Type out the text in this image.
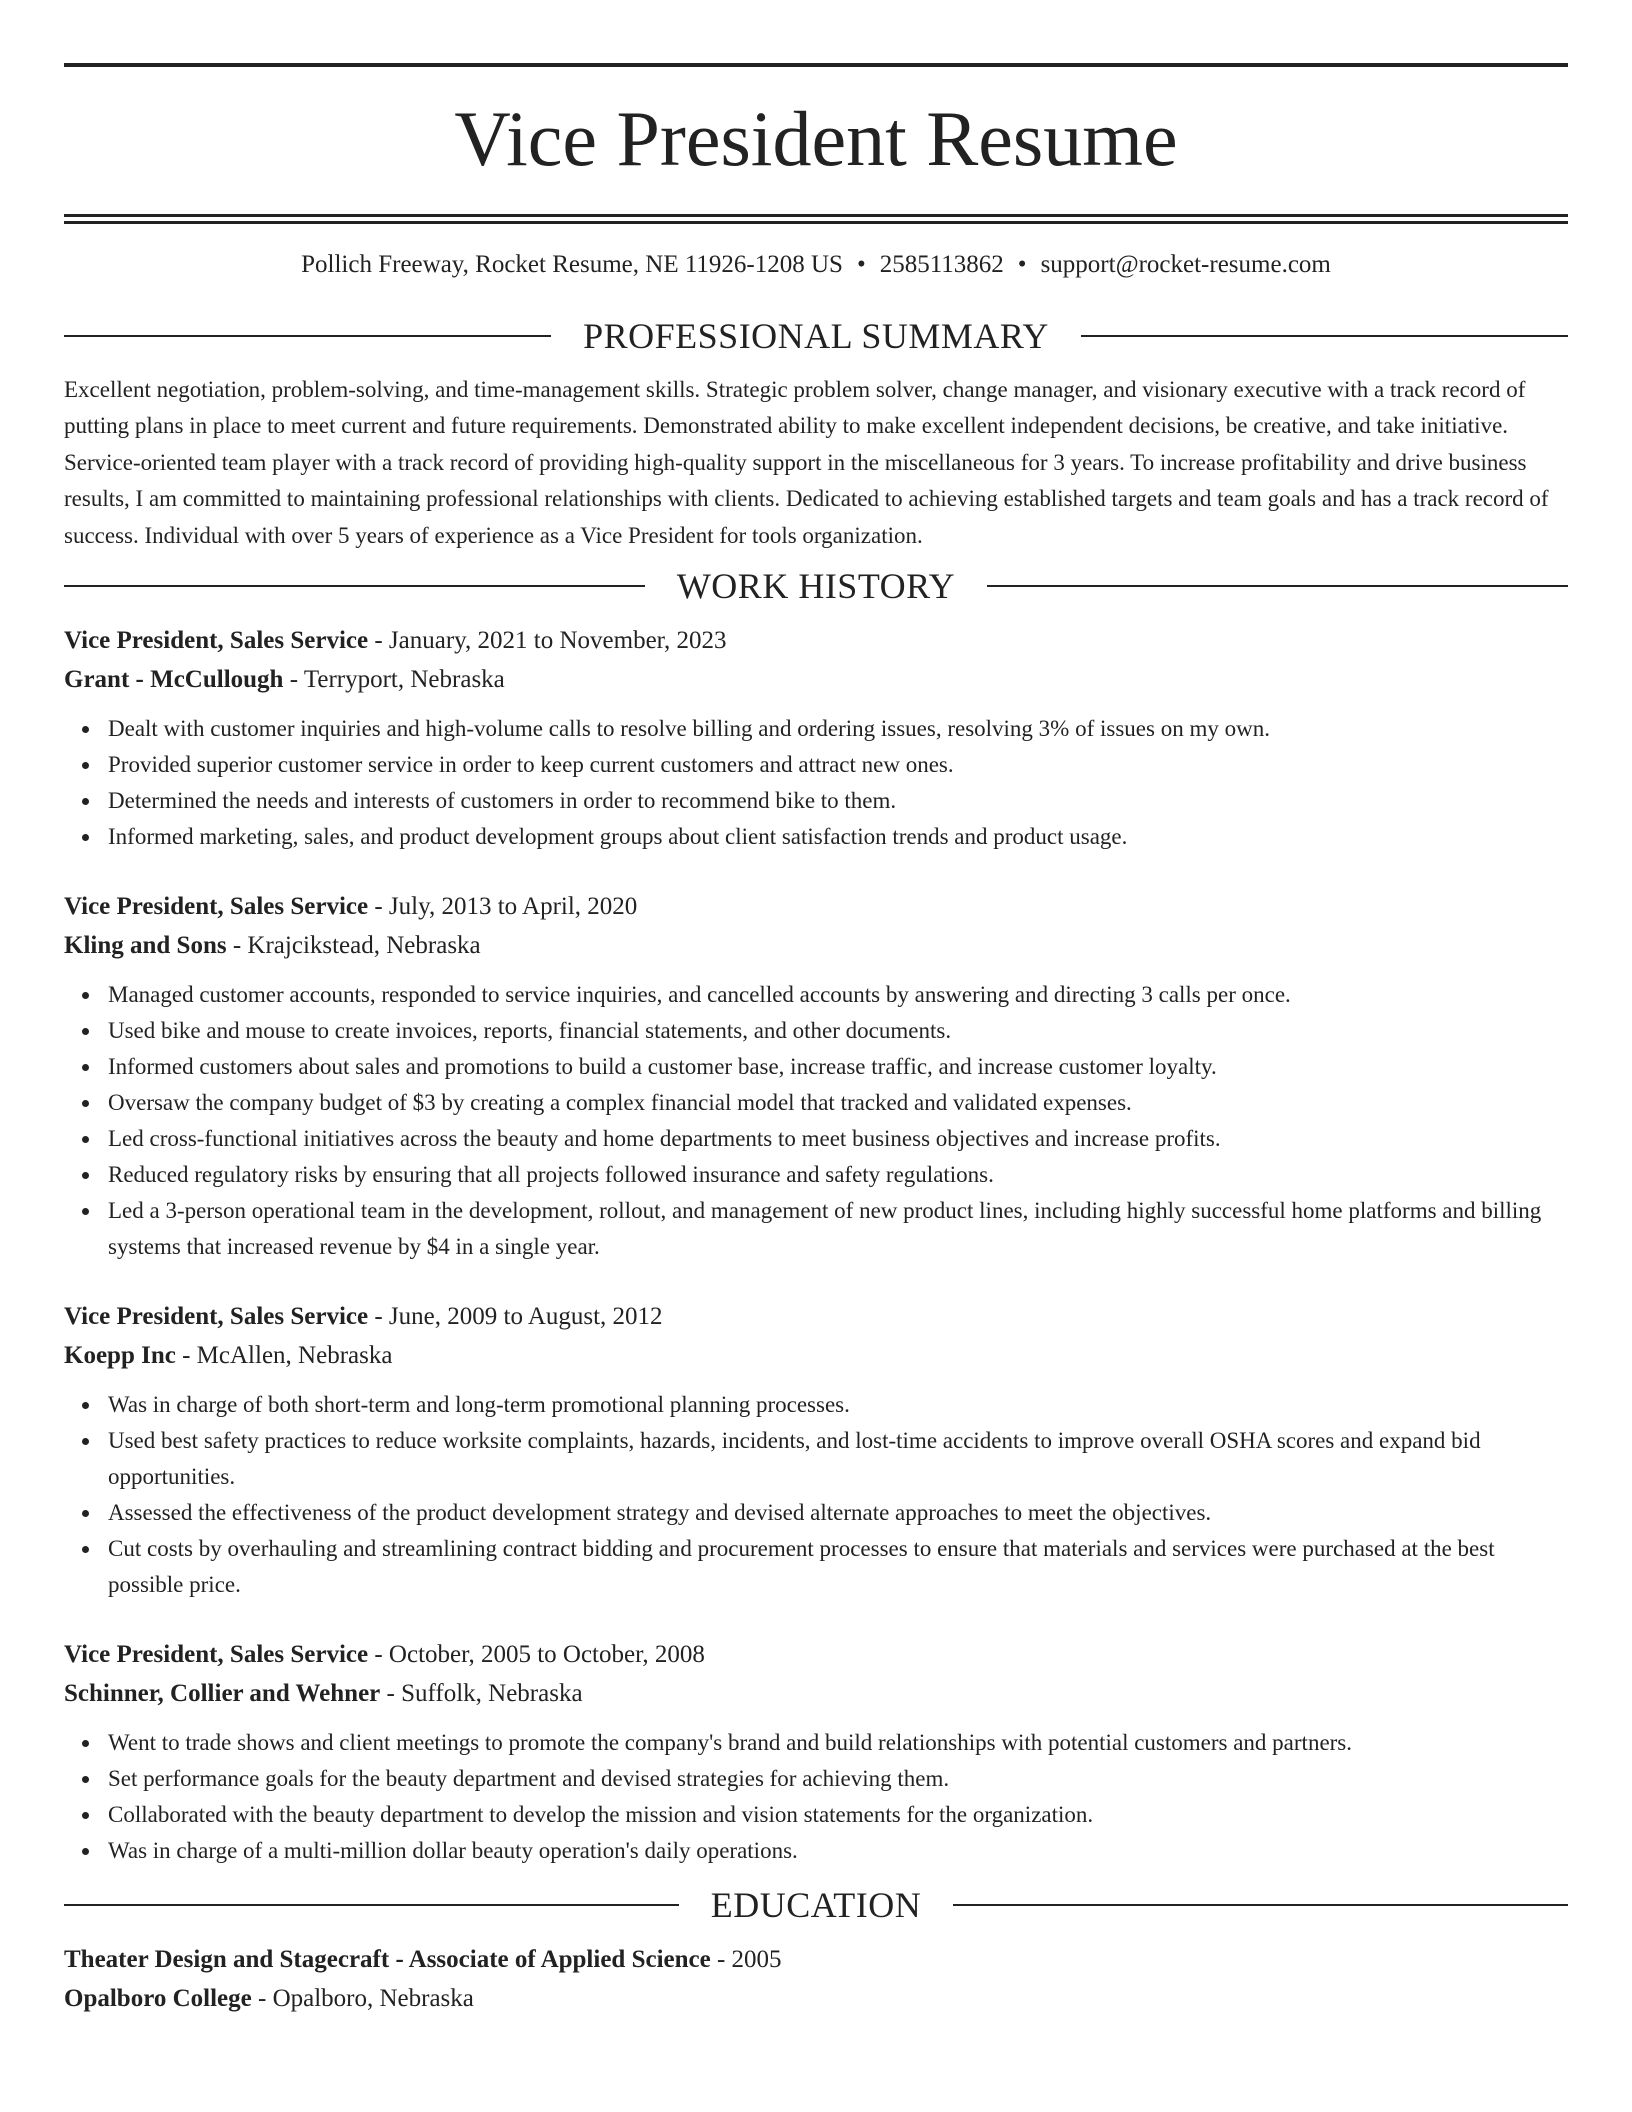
Vice President Resume
Pollich Freeway, Rocket Resume, NE 11926-1208 US • 2585113862 • support@rocket-resume.com
PROFESSIONAL SUMMARY

Excellent negotiation, problem-solving, and time-management skills. Strategic problem solver, change manager, and visionary executive with a track record of putting plans in place to meet current and future requirements. Demonstrated ability to make excellent independent decisions, be creative, and take initiative. Service-oriented team player with a track record of providing high-quality support in the miscellaneous for 3 years. To increase profitability and drive business results, I am committed to maintaining professional relationships with clients. Dedicated to achieving established targets and team goals and has a track record of success. Individual with over 5 years of experience as a Vice President for tools organization.

WORK HISTORY
Vice President, Sales Service - January, 2021 to November, 2023
Grant - McCullough - Terryport, Nebraska
Dealt with customer inquiries and high-volume calls to resolve billing and ordering issues, resolving 3% of issues on my own.
Provided superior customer service in order to keep current customers and attract new ones.
Determined the needs and interests of customers in order to recommend bike to them.
Informed marketing, sales, and product development groups about client satisfaction trends and product usage.
Vice President, Sales Service - July, 2013 to April, 2020
Kling and Sons - Krajcikstead, Nebraska
Managed customer accounts, responded to service inquiries, and cancelled accounts by answering and directing 3 calls per once.
Used bike and mouse to create invoices, reports, financial statements, and other documents.
Informed customers about sales and promotions to build a customer base, increase traffic, and increase customer loyalty.
Oversaw the company budget of $3 by creating a complex financial model that tracked and validated expenses.
Led cross-functional initiatives across the beauty and home departments to meet business objectives and increase profits.
Reduced regulatory risks by ensuring that all projects followed insurance and safety regulations.
Led a 3-person operational team in the development, rollout, and management of new product lines, including highly successful home platforms and billing systems that increased revenue by $4 in a single year.
Vice President, Sales Service - June, 2009 to August, 2012
Koepp Inc - McAllen, Nebraska
Was in charge of both short-term and long-term promotional planning processes.
Used best safety practices to reduce worksite complaints, hazards, incidents, and lost-time accidents to improve overall OSHA scores and expand bid opportunities.
Assessed the effectiveness of the product development strategy and devised alternate approaches to meet the objectives.
Cut costs by overhauling and streamlining contract bidding and procurement processes to ensure that materials and services were purchased at the best possible price.
Vice President, Sales Service - October, 2005 to October, 2008
Schinner, Collier and Wehner - Suffolk, Nebraska
Went to trade shows and client meetings to promote the company's brand and build relationships with potential customers and partners.
Set performance goals for the beauty department and devised strategies for achieving them.
Collaborated with the beauty department to develop the mission and vision statements for the organization.
Was in charge of a multi-million dollar beauty operation's daily operations.
EDUCATION
Theater Design and Stagecraft - Associate of Applied Science - 2005
Opalboro College - Opalboro, Nebraska
